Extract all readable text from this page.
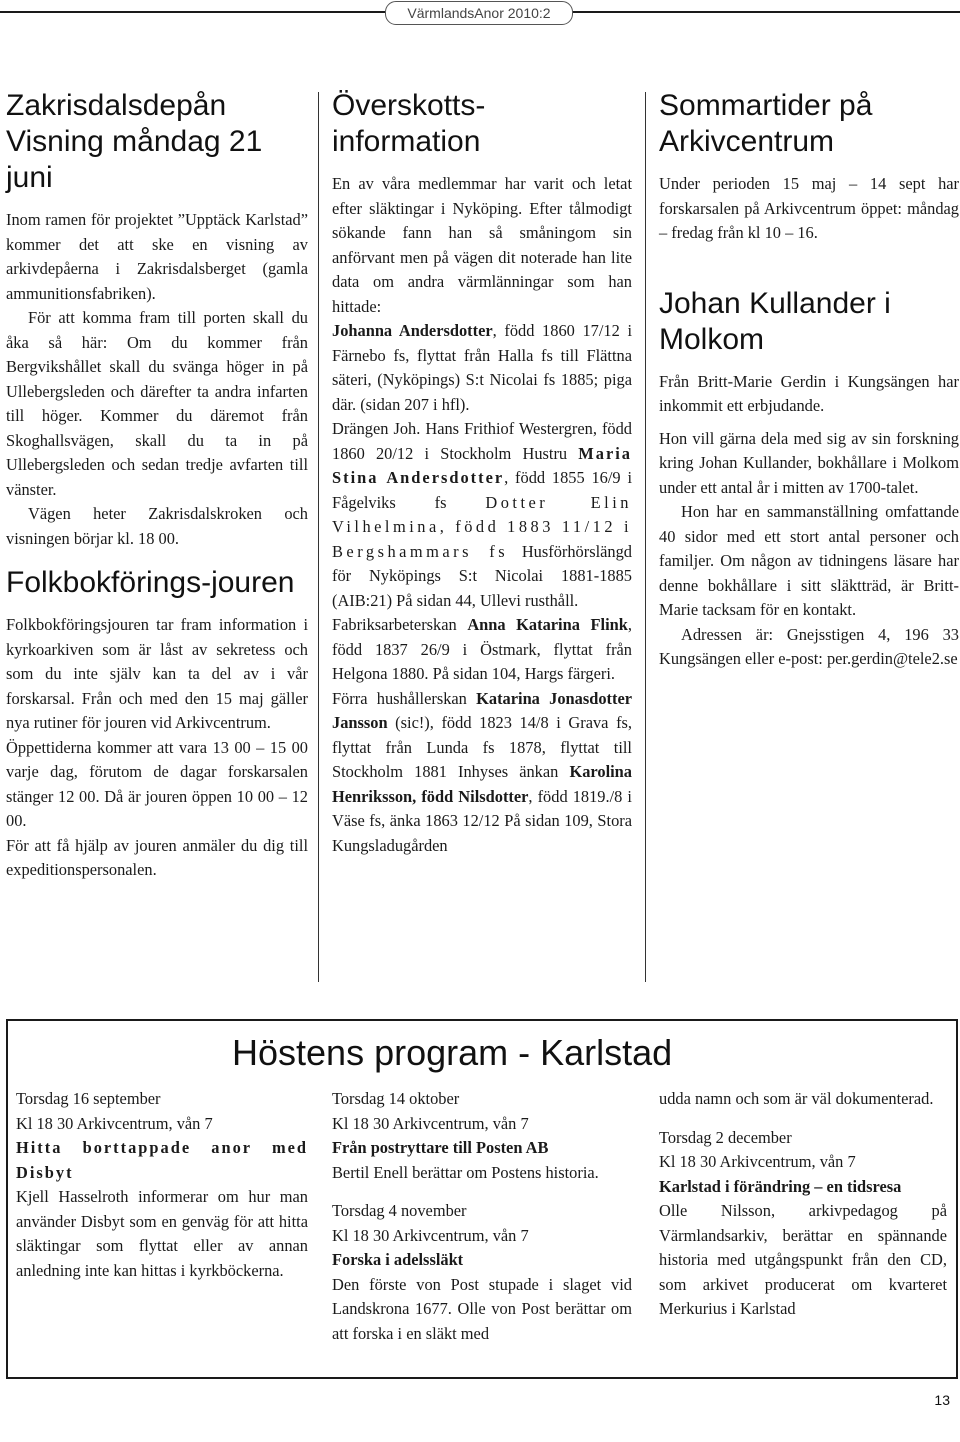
VärmlandsAnor 2010:2
Zakrisdalsdepån Visning måndag 21 juni

Inom ramen för projektet ”Upptäck Karlstad” kommer det att ske en visning av arkivdepåerna i Zakrisdalsberget (gamla ammunitionsfabriken).

För att komma fram till porten skall du åka så här: Om du kommer från Bergvikshållet skall du svänga höger in på Ullebergsleden och därefter ta andra infarten till höger. Kommer du däremot från Skoghallsvägen, skall du ta in på Ullebergsleden och sedan tredje avfarten till vänster.

Vägen heter Zakrisdalskroken och visningen börjar kl. 18 00.

Folkbokförings-jouren

Folkbokföringsjouren tar fram information i kyrkoarkiven som är låst av sekretess och som du inte själv kan ta del av i vår forskarsal. Från och med den 15 maj gäller nya rutiner för jouren vid Arkivcentrum.

Öppettiderna kommer att vara 13 00 – 15 00 varje dag, förutom de dagar forskarsalen stänger 12 00. Då är jouren öppen 10 00 – 12 00.

För att få hjälp av jouren anmäler du dig till expeditionspersonalen.

Överskotts-information

En av våra medlemmar har varit och letat efter släktingar i Nyköping. Efter tålmodigt sökande fann han så småningom sin anförvant men på vägen dit noterade han lite data om andra värmlänningar som han hittade:

Johanna Andersdotter, född 1860 17/12 i Färnebo fs, flyttat från Halla fs till Flättna säteri, (Nyköpings) S:t Nicolai fs 1885; piga där. (sidan 207 i hfl).

Drängen Joh. Hans Frithiof Westergren, född 1860 20/12 i Stockholm Hustru Maria Stina Andersdotter, född 1855 16/9 i Fågelviks fs Dotter Elin Vilhelmina, född 1883 11/12 i Bergshammars fs Husförhörslängd för Nyköpings S:t Nicolai 1881-1885 (AIB:21) På sidan 44, Ullevi rusthåll.

Fabriksarbeterskan Anna Katarina Flink, född 1837 26/9 i Östmark, flyttat från Helgona 1880. På sidan 104, Hargs färgeri.

Förra hushållerskan Katarina Jonasdotter Jansson (sic!), född 1823 14/8 i Grava fs, flyttat från Lunda fs 1878, flyttat till Stockholm 1881 Inhyses änkan Karolina Henriksson, född Nilsdotter, född 1819./8 i Väse fs, änka 1863 12/12 På sidan 109, Stora Kungsladugården

Sommartider på Arkivcentrum

Under perioden 15 maj – 14 sept har forskarsalen på Arkivcentrum öppet: måndag – fredag från kl 10 – 16.

Johan Kullander i Molkom

Från Britt-Marie Gerdin i Kungsängen har inkommit ett erbjudande.

Hon vill gärna dela med sig av sin forskning kring Johan Kullander, bokhållare i Molkom under ett antal år i mitten av 1700-talet.

Hon har en sammanställning omfattande 40 sidor med ett stort antal personer och familjer. Om någon av tidningens läsare har denne bokhållare i sitt släktträd, är Britt-Marie tacksam för en kontakt.

Adressen är: Gnejsstigen 4, 196 33 Kungsängen eller e-post: per.gerdin@tele2.se

Höstens program - Karlstad

Torsdag 16 september

Kl 18 30 Arkivcentrum, vån 7

Hitta borttappade anor med Disbyt

Kjell Hasselroth informerar om hur man använder Disbyt som en genväg för att hitta släktingar som flyttat eller av annan anledning inte kan hittas i kyrkböckerna.

Torsdag 14 oktober

Kl 18 30 Arkivcentrum, vån 7

Från postryttare till Posten AB

Bertil Enell berättar om Postens historia.

Torsdag 4 november

Kl 18 30 Arkivcentrum, vån 7

Forska i adelssläkt

Den förste von Post stupade i slaget vid Landskrona 1677. Olle von Post berättar om att forska i en släkt med

udda namn och som är väl dokumenterad.

Torsdag 2 december

Kl 18 30 Arkivcentrum, vån 7

Karlstad i förändring – en tidsresa

Olle Nilsson, arkivpedagog på Värmlandsarkiv, berättar en spännande historia med utgångspunkt från den CD, som arkivet producerat om kvarteret Merkurius i Karlstad

13
